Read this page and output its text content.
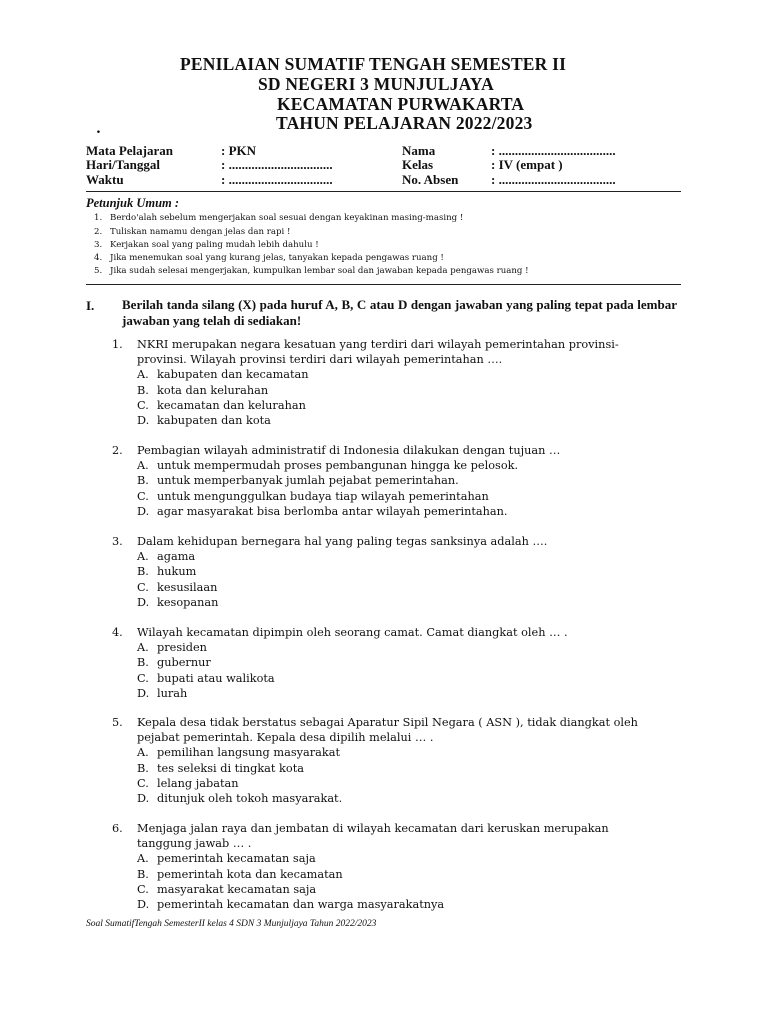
PENILAIAN SUMATIF TENGAH SEMESTER II
SD NEGERI 3 MUNJULJAYA
KECAMATAN PURWAKARTA
TAHUN PELAJARAN 2022/2023
.
Mata Pelajaran	: PKN
Hari/Tanggal	: ................................
Waktu	: ................................
Nama	: ....................................
Kelas	: IV (empat )
No. Absen	: ....................................
Petunjuk Umum :
1. Berdo'alah sebelum mengerjakan soal sesuai dengan keyakinan masing-masing !
2. Tuliskan namamu dengan jelas dan rapi !
3. Kerjakan soal yang paling mudah lebih dahulu !
4. Jika menemukan soal yang kurang jelas, tanyakan kepada pengawas ruang !
5. Jika sudah selesai mengerjakan, kumpulkan lembar soal dan jawaban kepada pengawas ruang !
I. Berilah tanda silang (X) pada huruf A, B, C atau D dengan jawaban yang paling tepat pada lembar jawaban yang telah di sediakan!
1. NKRI merupakan negara kesatuan yang terdiri dari wilayah pemerintahan provinsi-
provinsi. Wilayah provinsi terdiri dari wilayah pemerintahan ….
A. kabupaten dan kecamatan
B. kota dan kelurahan
C. kecamatan dan kelurahan
D. kabupaten dan kota
2. Pembagian wilayah administratif di Indonesia dilakukan dengan tujuan …
A. untuk mempermudah proses pembangunan hingga ke pelosok.
B. untuk memperbanyak jumlah pejabat pemerintahan.
C. untuk mengunggulkan budaya tiap wilayah pemerintahan
D. agar masyarakat bisa berlomba antar wilayah pemerintahan.
3. Dalam kehidupan bernegara hal yang paling tegas sanksinya adalah ….
A. agama
B. hukum
C. kesusilaan
D. kesopanan
4. Wilayah kecamatan dipimpin oleh seorang camat. Camat diangkat oleh … .
A. presiden
B. gubernur
C. bupati atau walikota
D. lurah
5. Kepala desa tidak berstatus sebagai Aparatur Sipil Negara ( ASN ), tidak diangkat oleh
pejabat pemerintah. Kepala desa dipilih melalui … .
A. pemilihan langsung masyarakat
B. tes seleksi di tingkat kota
C. lelang jabatan
D. ditunjuk oleh tokoh masyarakat.
6. Menjaga jalan raya dan jembatan di wilayah kecamatan dari keruskan merupakan
tanggung jawab … .
A. pemerintah kecamatan saja
B. pemerintah kota dan kecamatan
C. masyarakat kecamatan saja
D. pemerintah kecamatan dan warga masyarakatnya
Soal SumatifTengah SemesterII kelas 4 SDN 3 Munjuljaya Tahun 2022/2023
